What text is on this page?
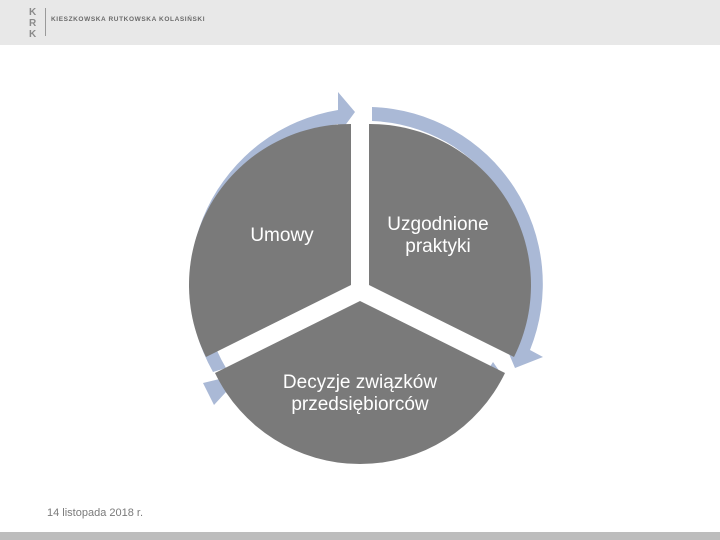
K
R
K
KIESZKOWSKA RUTKOWSKA KOLASIŃSKI
Umowy
Uzgodnione praktyki
Decyzje związków przedsiębiorców
14 listopada 2018 r.
